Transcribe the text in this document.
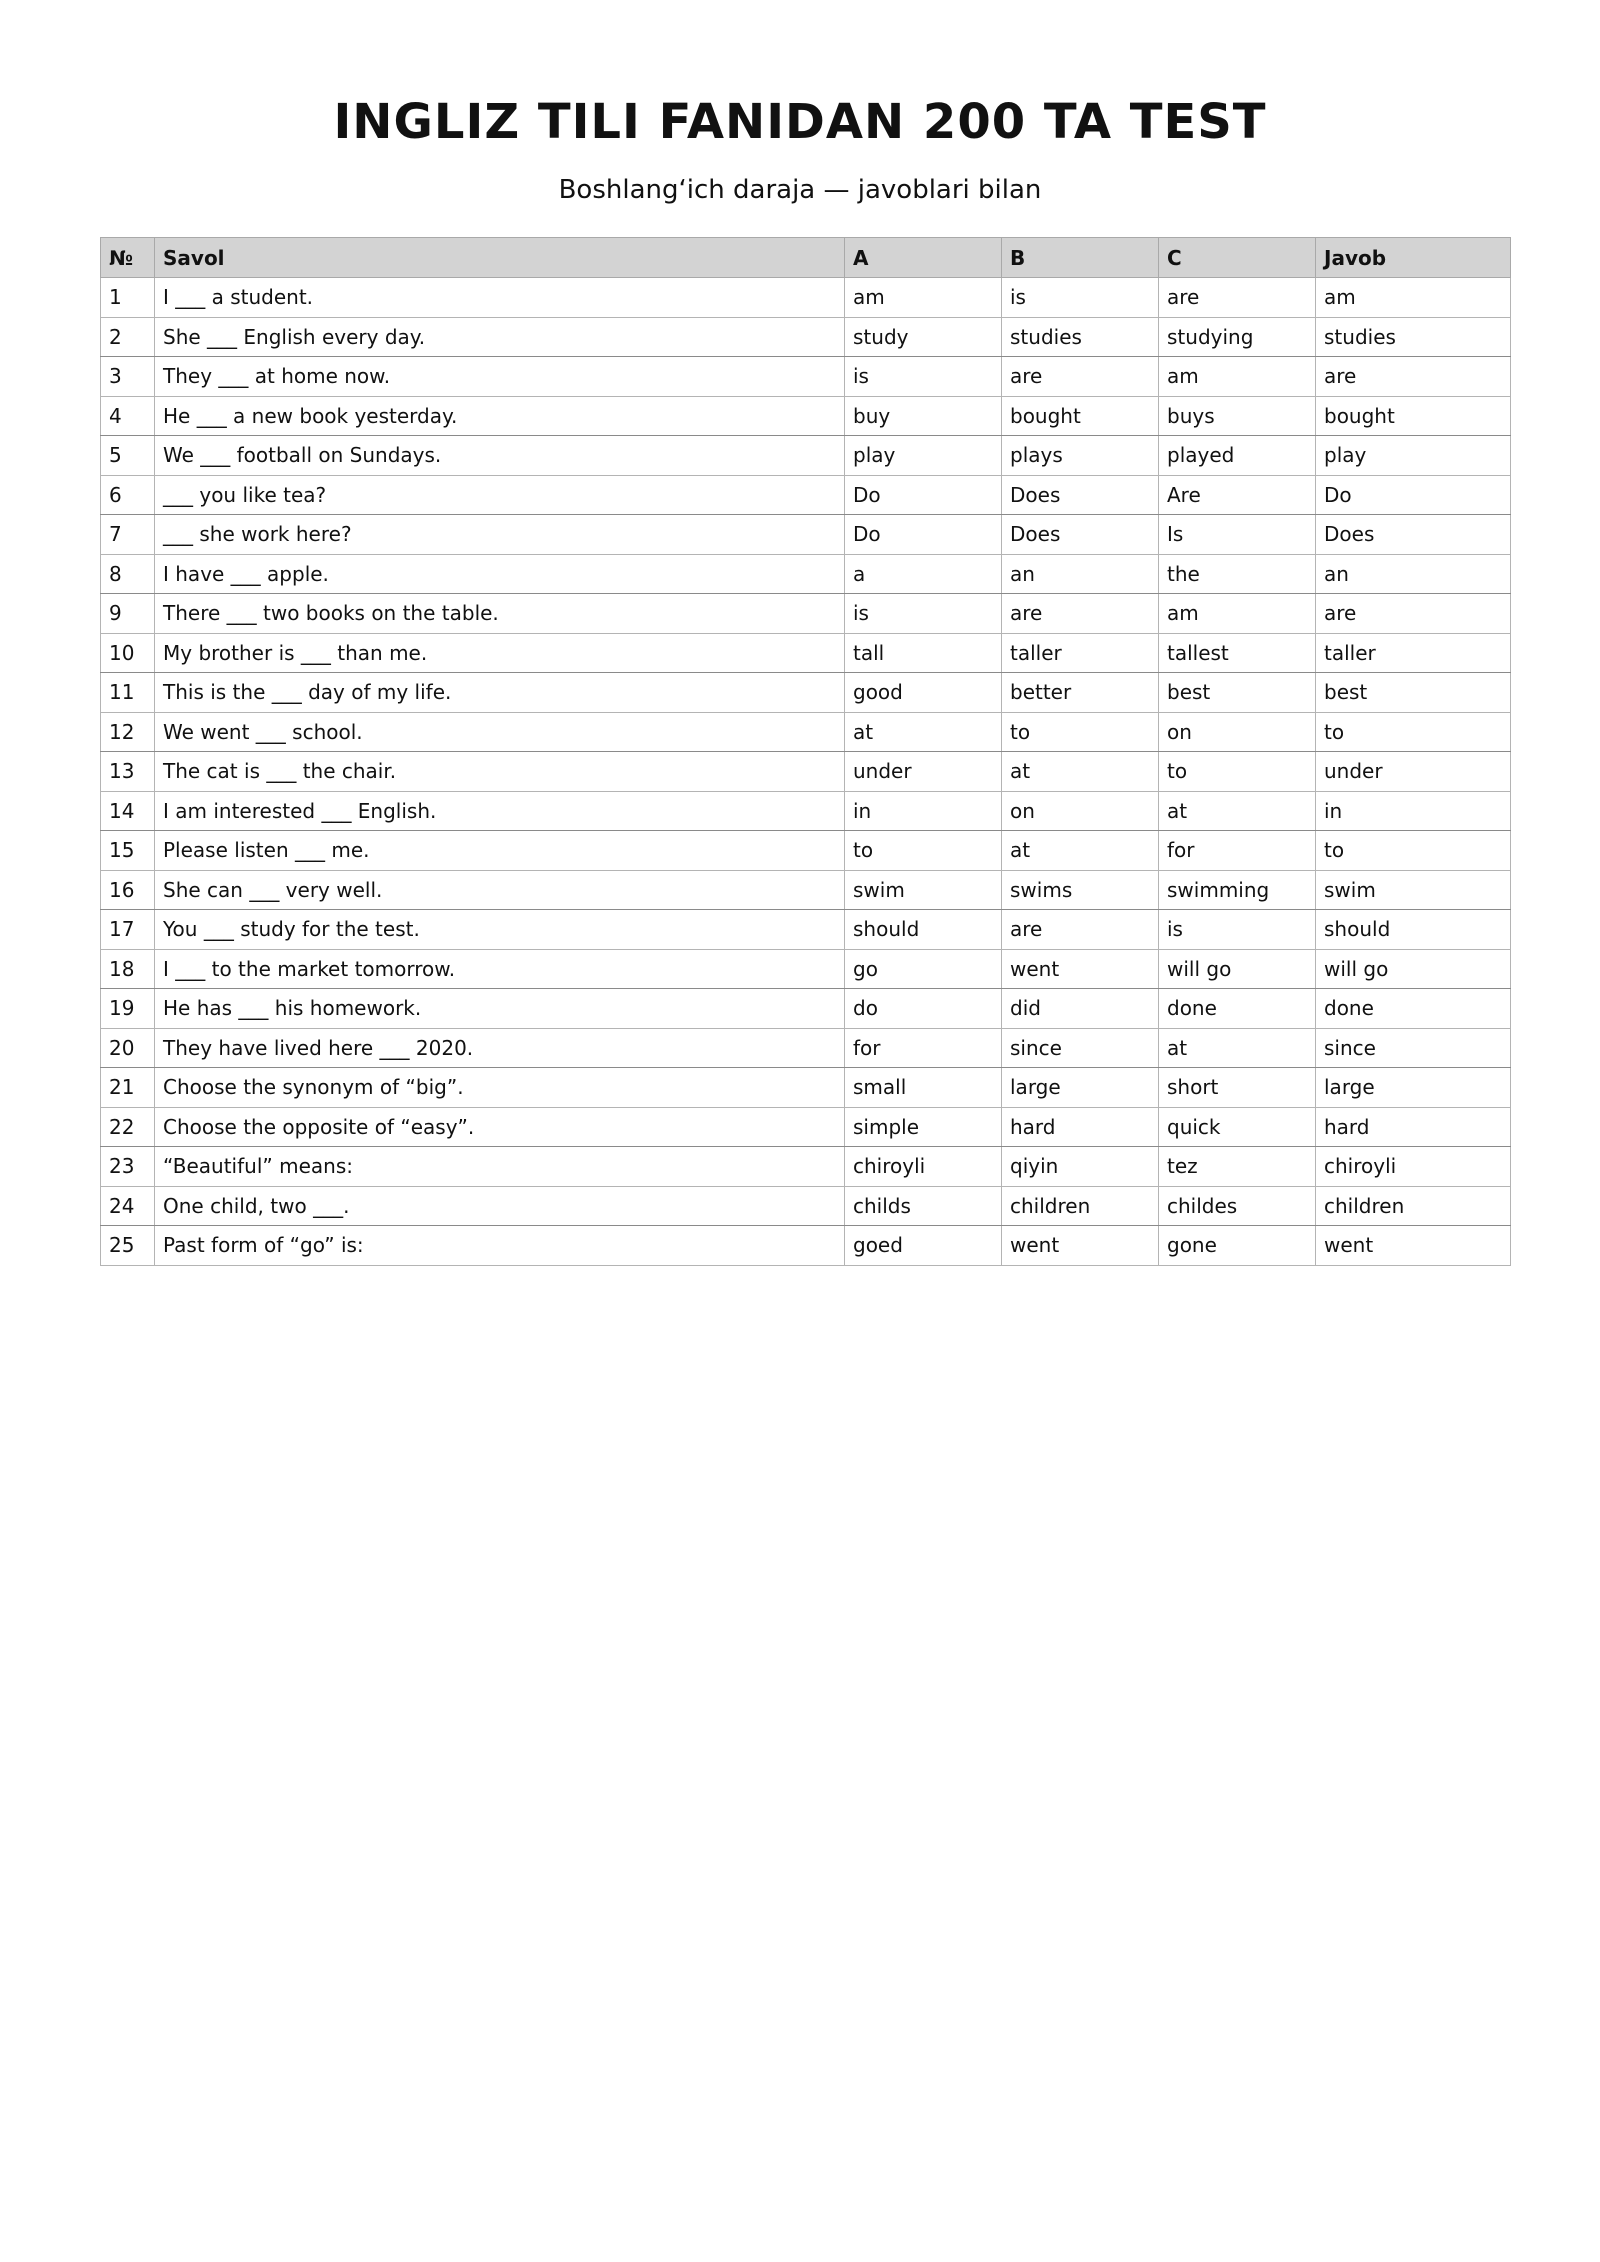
INGLIZ TILI FANIDAN 200 TA TEST

Boshlang‘ich daraja — javoblari bilan

№	Savol	A	B	C	Javob
1	I ___ a student.	am	is	are	am
2	She ___ English every day.	study	studies	studying	studies
3	They ___ at home now.	is	are	am	are
4	He ___ a new book yesterday.	buy	bought	buys	bought
5	We ___ football on Sundays.	play	plays	played	play
6	___ you like tea?	Do	Does	Are	Do
7	___ she work here?	Do	Does	Is	Does
8	I have ___ apple.	a	an	the	an
9	There ___ two books on the table.	is	are	am	are
10	My brother is ___ than me.	tall	taller	tallest	taller
11	This is the ___ day of my life.	good	better	best	best
12	We went ___ school.	at	to	on	to
13	The cat is ___ the chair.	under	at	to	under
14	I am interested ___ English.	in	on	at	in
15	Please listen ___ me.	to	at	for	to
16	She can ___ very well.	swim	swims	swimming	swim
17	You ___ study for the test.	should	are	is	should
18	I ___ to the market tomorrow.	go	went	will go	will go
19	He has ___ his homework.	do	did	done	done
20	They have lived here ___ 2020.	for	since	at	since
21	Choose the synonym of “big”.	small	large	short	large
22	Choose the opposite of “easy”.	simple	hard	quick	hard
23	“Beautiful” means:	chiroyli	qiyin	tez	chiroyli
24	One child, two ___.	childs	children	childes	children
25	Past form of “go” is:	goed	went	gone	went
